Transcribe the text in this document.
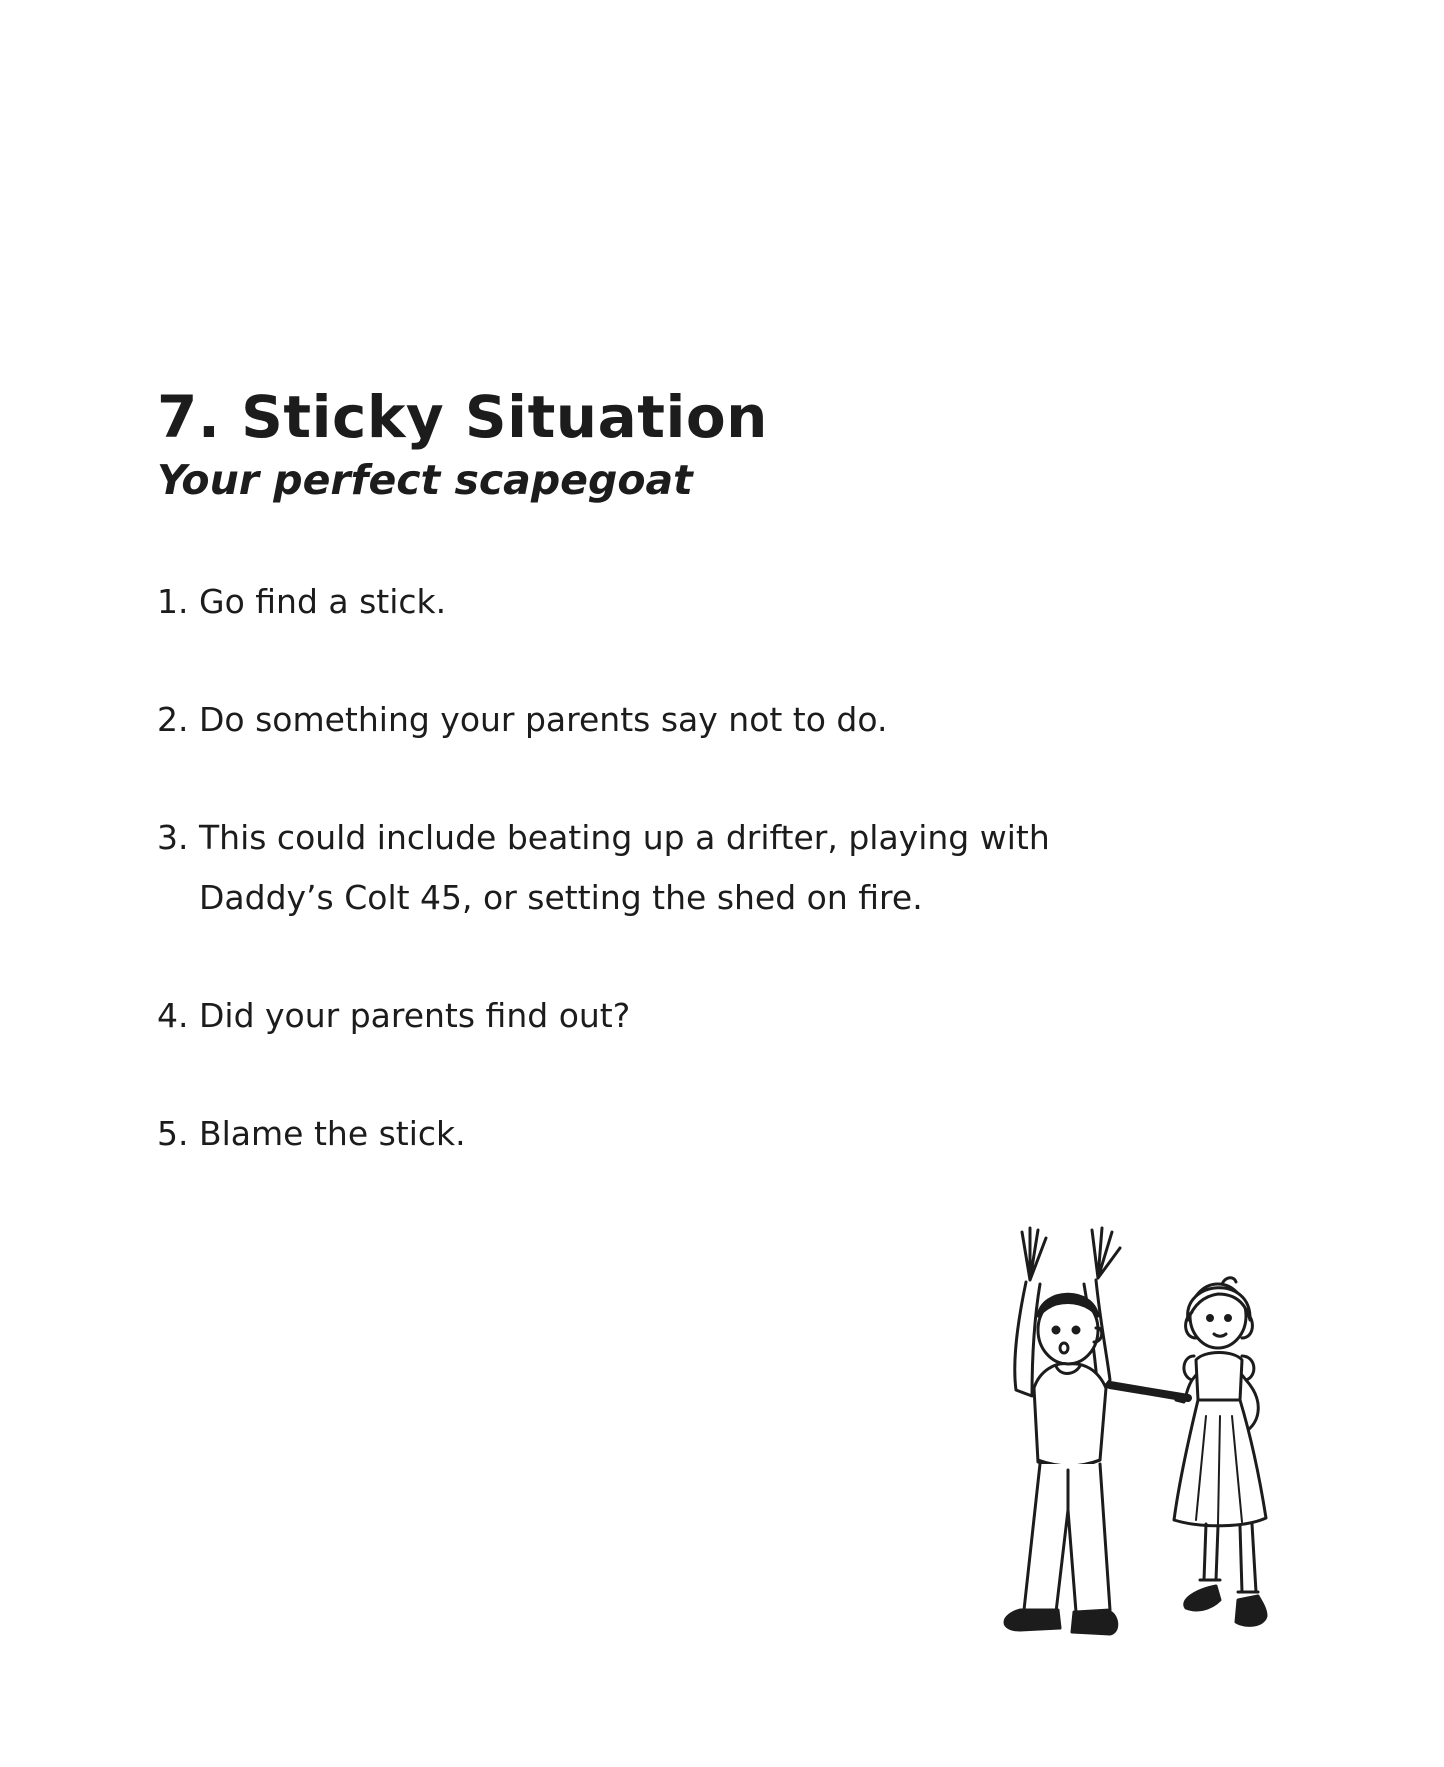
7. Sticky Situation
Your perfect scapegoat
1. Go find a stick.
2. Do something your parents say not to do.
3. This could include beating up a drifter, playing with Daddy’s Colt 45, or setting the shed on fire.
4. Did your parents find out?
5. Blame the stick.
